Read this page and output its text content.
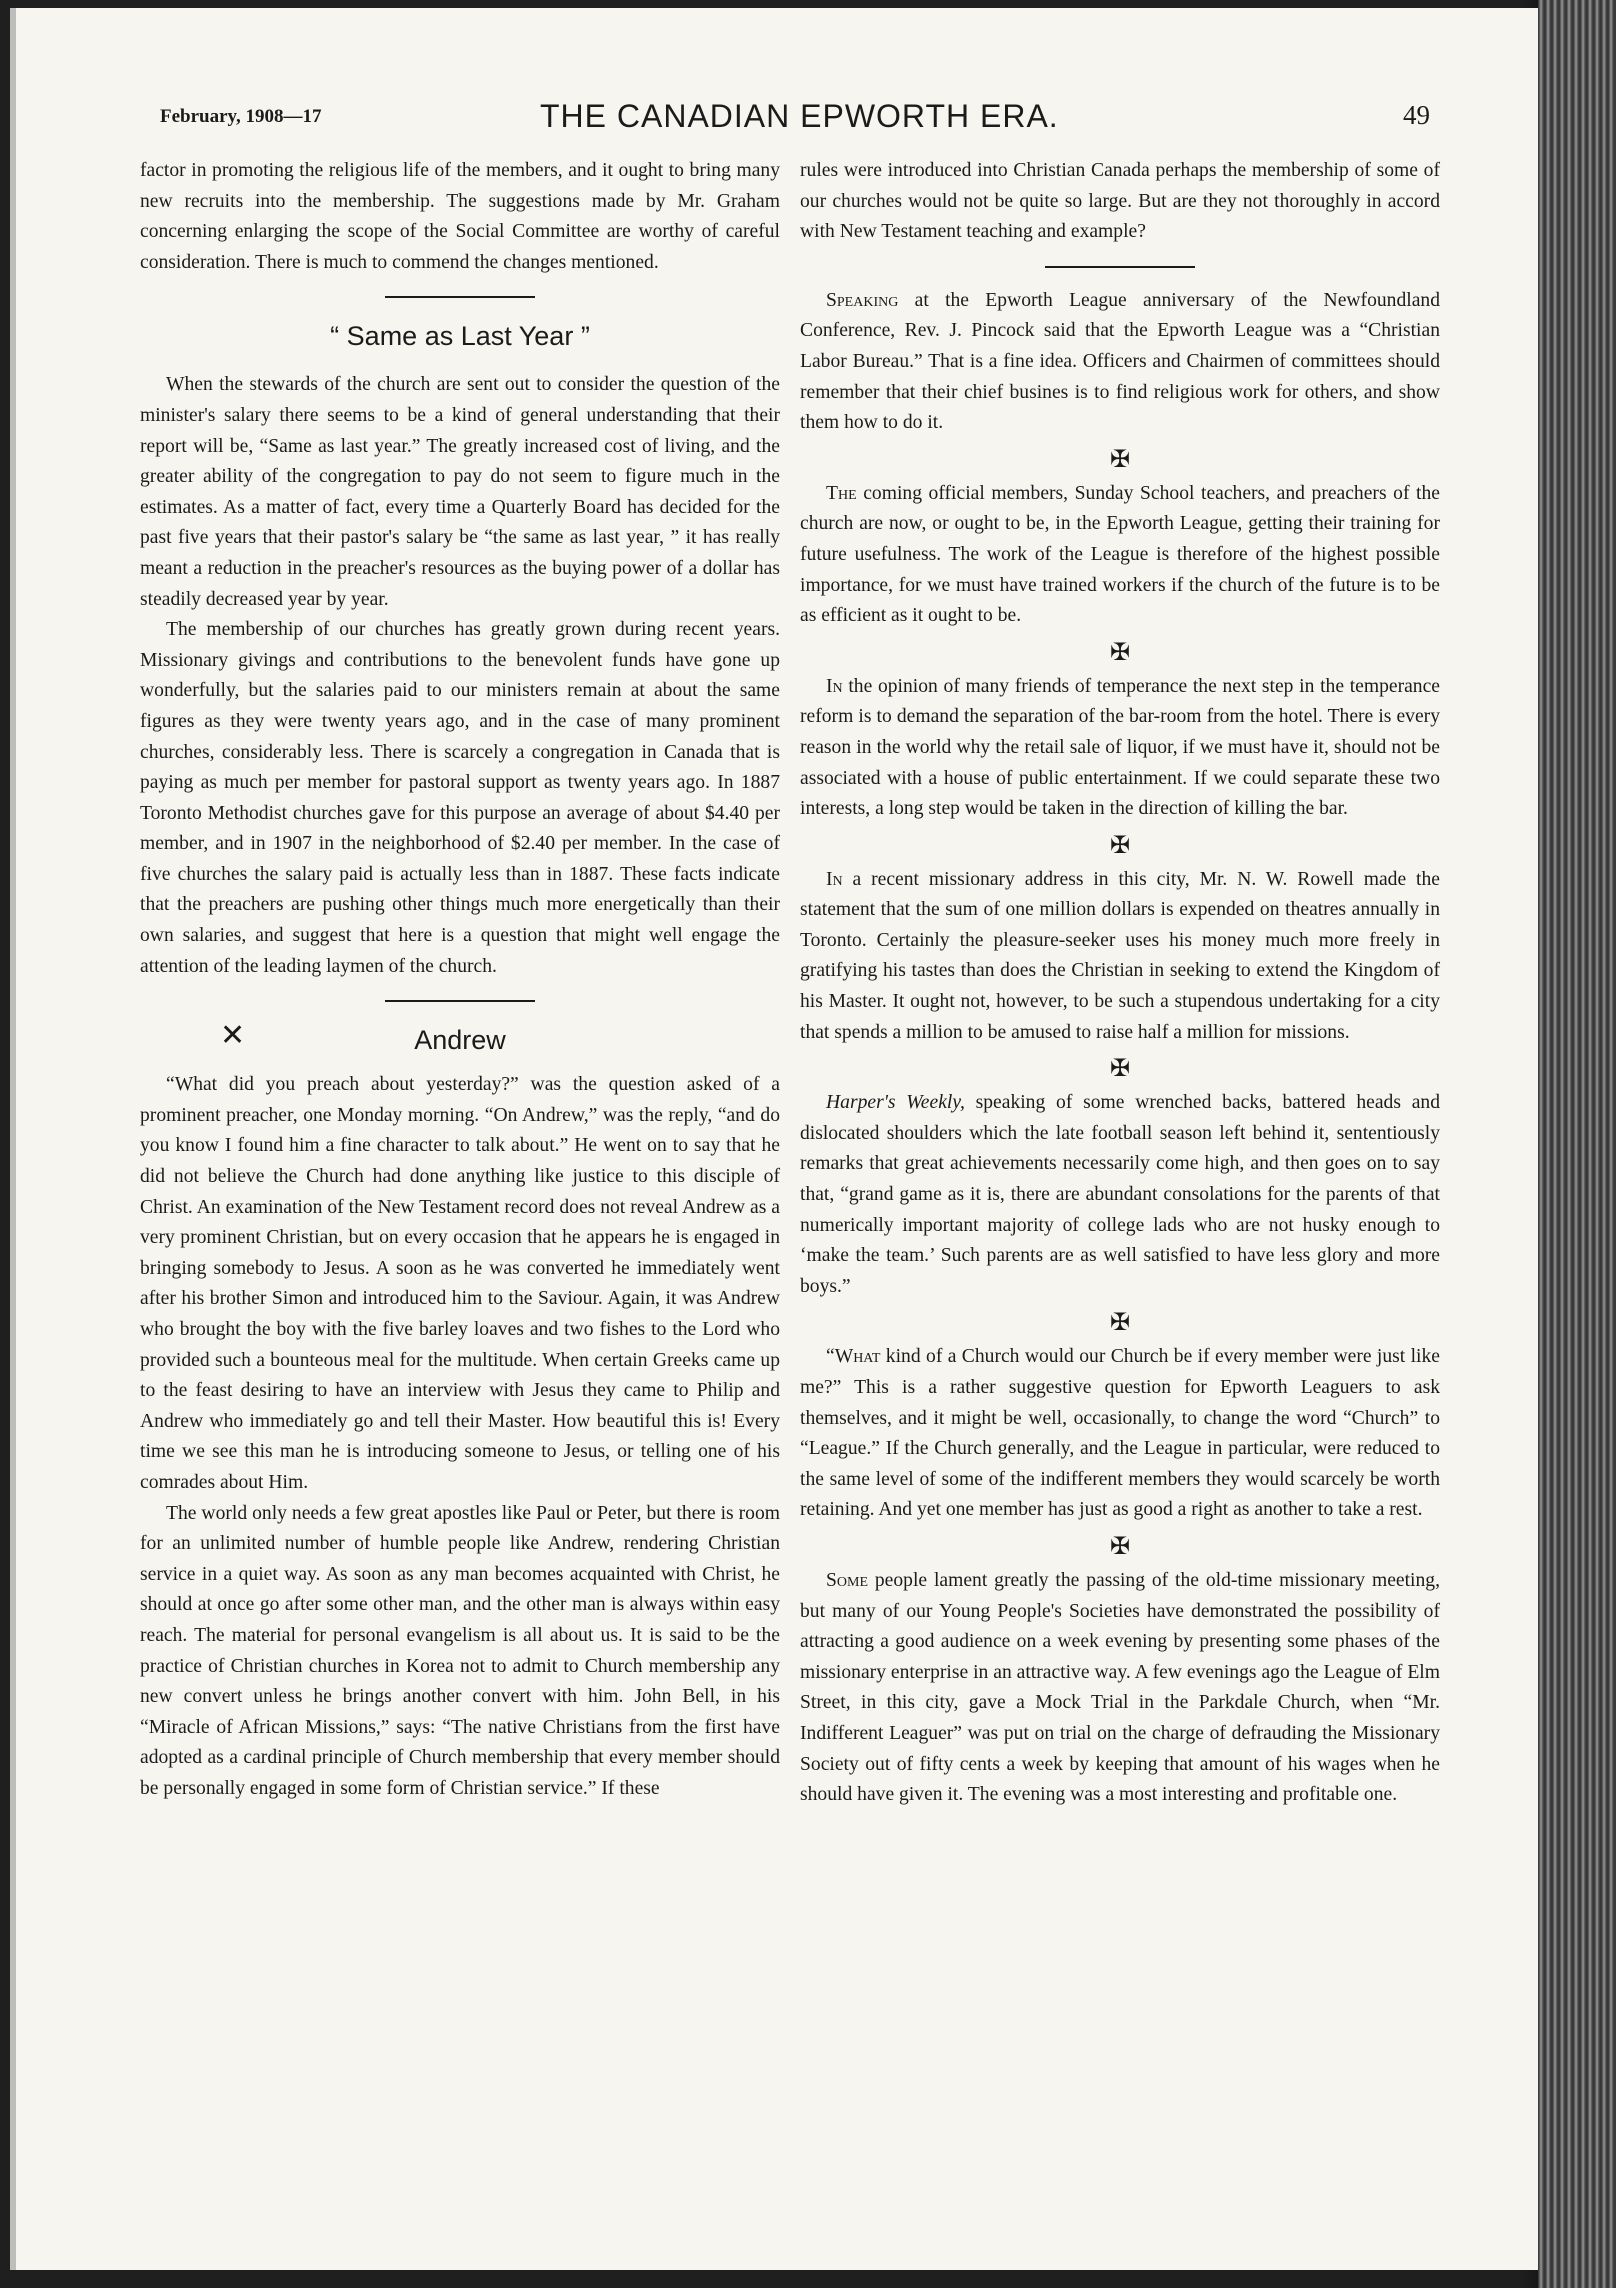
February, 1908—17	THE CANADIAN EPWORTH ERA.	49

factor in promoting the religious life of the members, and it ought to bring many new recruits into the membership. The suggestions made by Mr. Graham concerning enlarging the scope of the Social Committee are worthy of careful consideration. There is much to commend the changes mentioned.

“ Same as Last Year ”

When the stewards of the church are sent out to consider the question of the minister's salary there seems to be a kind of general understanding that their report will be, “Same as last year.” The greatly increased cost of living, and the greater ability of the congregation to pay do not seem to figure much in the estimates. As a matter of fact, every time a Quarterly Board has decided for the past five years that their pastor's salary be “the same as last year, ” it has really meant a reduction in the preacher's resources as the buying power of a dollar has steadily decreased year by year.

The membership of our churches has greatly grown during recent years. Missionary givings and contributions to the benevolent funds have gone up wonderfully, but the salaries paid to our ministers remain at about the same figures as they were twenty years ago, and in the case of many prominent churches, considerably less. There is scarcely a congregation in Canada that is paying as much per member for pastoral support as twenty years ago. In 1887 Toronto Methodist churches gave for this purpose an average of about $4.40 per member, and in 1907 in the neighborhood of $2.40 per member. In the case of five churches the salary paid is actually less than in 1887. These facts indicate that the preachers are pushing other things much more energetically than their own salaries, and suggest that here is a question that might well engage the attention of the leading laymen of the church.

✕	Andrew

“What did you preach about yesterday?” was the question asked of a prominent preacher, one Monday morning. “On Andrew,” was the reply, “and do you know I found him a fine character to talk about.” He went on to say that he did not believe the Church had done anything like justice to this disciple of Christ. An examination of the New Testament record does not reveal Andrew as a very prominent Christian, but on every occasion that he appears he is engaged in bringing somebody to Jesus. A soon as he was converted he immediately went after his brother Simon and introduced him to the Saviour. Again, it was Andrew who brought the boy with the five barley loaves and two fishes to the Lord who provided such a bounteous meal for the multitude. When certain Greeks came up to the feast desiring to have an interview with Jesus they came to Philip and Andrew who immediately go and tell their Master. How beautiful this is! Every time we see this man he is introducing someone to Jesus, or telling one of his comrades about Him.

The world only needs a few great apostles like Paul or Peter, but there is room for an unlimited number of humble people like Andrew, rendering Christian service in a quiet way. As soon as any man becomes acquainted with Christ, he should at once go after some other man, and the other man is always within easy reach. The material for personal evangelism is all about us. It is said to be the practice of Christian churches in Korea not to admit to Church membership any new convert unless he brings another convert with him. John Bell, in his “Miracle of African Missions,” says: “The native Christians from the first have adopted as a cardinal principle of Church membership that every member should be personally engaged in some form of Christian service.” If these

rules were introduced into Christian Canada perhaps the membership of some of our churches would not be quite so large. But are they not thoroughly in accord with New Testament teaching and example?

Speaking at the Epworth League anniversary of the Newfoundland Conference, Rev. J. Pincock said that the Epworth League was a “Christian Labor Bureau.” That is a fine idea. Officers and Chairmen of committees should remember that their chief busines is to find religious work for others, and show them how to do it.

✠

The coming official members, Sunday School teachers, and preachers of the church are now, or ought to be, in the Epworth League, getting their training for future usefulness. The work of the League is therefore of the highest possible importance, for we must have trained workers if the church of the future is to be as efficient as it ought to be.

✠

In the opinion of many friends of temperance the next step in the temperance reform is to demand the separation of the bar-room from the hotel. There is every reason in the world why the retail sale of liquor, if we must have it, should not be associated with a house of public entertainment. If we could separate these two interests, a long step would be taken in the direction of killing the bar.

✠

In a recent missionary address in this city, Mr. N. W. Rowell made the statement that the sum of one million dollars is expended on theatres annually in Toronto. Certainly the pleasure-seeker uses his money much more freely in gratifying his tastes than does the Christian in seeking to extend the Kingdom of his Master. It ought not, however, to be such a stupendous undertaking for a city that spends a million to be amused to raise half a million for missions.

✠

Harper's Weekly, speaking of some wrenched backs, battered heads and dislocated shoulders which the late football season left behind it, sententiously remarks that great achievements necessarily come high, and then goes on to say that, “grand game as it is, there are abundant consolations for the parents of that numerically important majority of college lads who are not husky enough to ‘make the team.’ Such parents are as well satisfied to have less glory and more boys.”

✠

“What kind of a Church would our Church be if every member were just like me?” This is a rather suggestive question for Epworth Leaguers to ask themselves, and it might be well, occasionally, to change the word “Church” to “League.” If the Church generally, and the League in particular, were reduced to the same level of some of the indifferent members they would scarcely be worth retaining. And yet one member has just as good a right as another to take a rest.

✠

Some people lament greatly the passing of the old-time missionary meeting, but many of our Young People's Societies have demonstrated the possibility of attracting a good audience on a week evening by presenting some phases of the missionary enterprise in an attractive way. A few evenings ago the League of Elm Street, in this city, gave a Mock Trial in the Parkdale Church, when “Mr. Indifferent Leaguer” was put on trial on the charge of defrauding the Missionary Society out of fifty cents a week by keeping that amount of his wages when he should have given it. The evening was a most interesting and profitable one.
